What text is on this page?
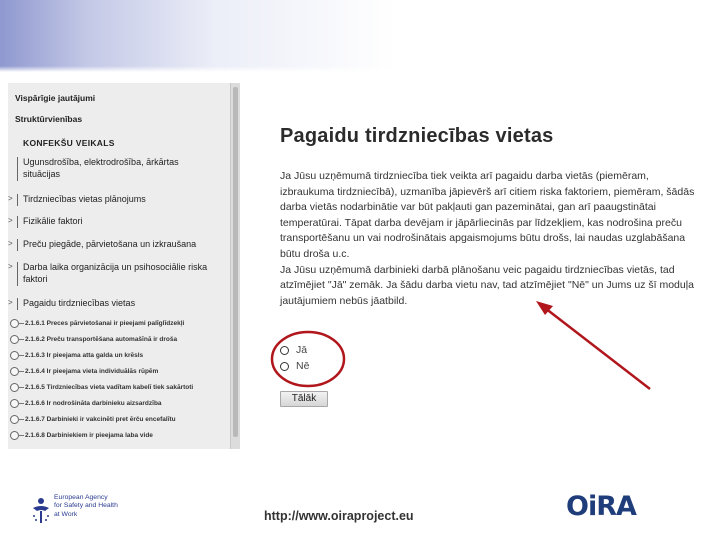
Vispārīgie jautājumi
Struktūrvienības
KONFEKŠU VEIKALS
Ugunsdrošība, elektrodrošība, ārkārtas situācijas
> Tirdzniecības vietas plānojums
> Fizikālie faktori
> Preču piegāde, pārvietošana un izkraušana
> Darba laika organizācija un psihosociālie riska faktori
> Pagaidu tirdzniecības vietas
2.1.6.1 Preces pārvietošanai ir pieejami palīglīdzekļi
2.1.6.2 Preču transportēšana automašīnā ir droša
2.1.6.3 Ir pieejama atta galda un krēsls
2.1.6.4 Ir pieejama vieta individuālās rūpēm
2.1.6.5 Tirdzniecības vieta vadītam kabelī tiek sakārtoti
2.1.6.6 Ir nodrošināta darbinieku aizsardzība
2.1.6.7 Darbinieki ir vakcinēti pret ērču encefalītu
2.1.6.8 Darbiniekiem ir pieejama laba vide
Pagaidu tirdzniecības vietas

Ja Jūsu uzņēmumā tirdzniecība tiek veikta arī pagaidu darba vietās (piemēram, izbraukuma tirdzniecībā), uzmanība jāpievērš arī citiem riska faktoriem, piemēram, šādās darba vietās nodarbinātie var būt pakļauti gan pazeminātai, gan arī paaugstinātai temperatūrai. Tāpat darba devējam ir jāpārliecinās par līdzekļiem, kas nodrošina preču transportēšanu un vai nodrošinātais apgaismojums būtu drošs, lai naudas uzglabāšana būtu droša u.c.

Ja Jūsu uzņēmumā darbinieki darbā plānošanu veic pagaidu tirdzniecības vietās, tad atzīmējiet "Jā" zemāk. Ja šādu darba vietu nav, tad atzīmējiet "Nē" un Jums uz šī moduļa jautājumiem nebūs jāatbild.

Jā
Nē
Tālāk
European Agency
for Safety and Health
at Work	http://www.oiraproject.eu	OiRA
